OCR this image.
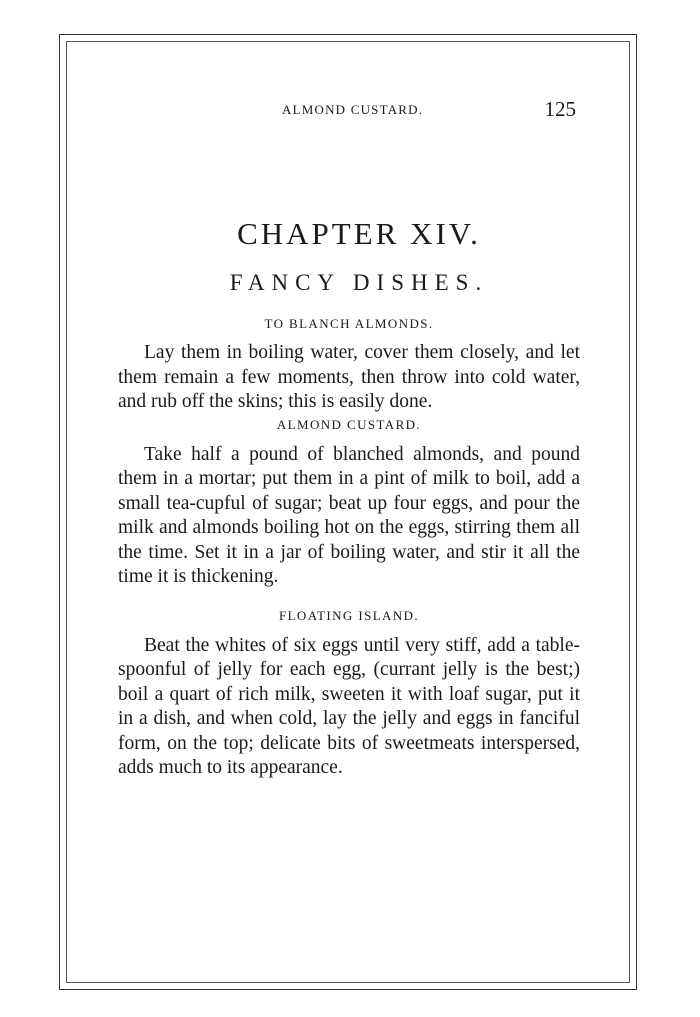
ALMOND CUSTARD.	125
CHAPTER XIV.
FANCY DISHES.
TO BLANCH ALMONDS.

Lay them in boiling water, cover them closely, and let them remain a few moments, then throw into cold water, and rub off the skins; this is easily done.

ALMOND CUSTARD.

Take half a pound of blanched almonds, and pound them in a mortar; put them in a pint of milk to boil, add a small tea-cupful of sugar; beat up four eggs, and pour the milk and almonds boiling hot on the eggs, stirring them all the time. Set it in a jar of boiling water, and stir it all the time it is thickening.

FLOATING ISLAND.

Beat the whites of six eggs until very stiff, add a table-spoonful of jelly for each egg, (currant jelly is the best;) boil a quart of rich milk, sweeten it with loaf sugar, put it in a dish, and when cold, lay the jelly and eggs in fanciful form, on the top; delicate bits of sweetmeats interspersed, adds much to its appearance.
